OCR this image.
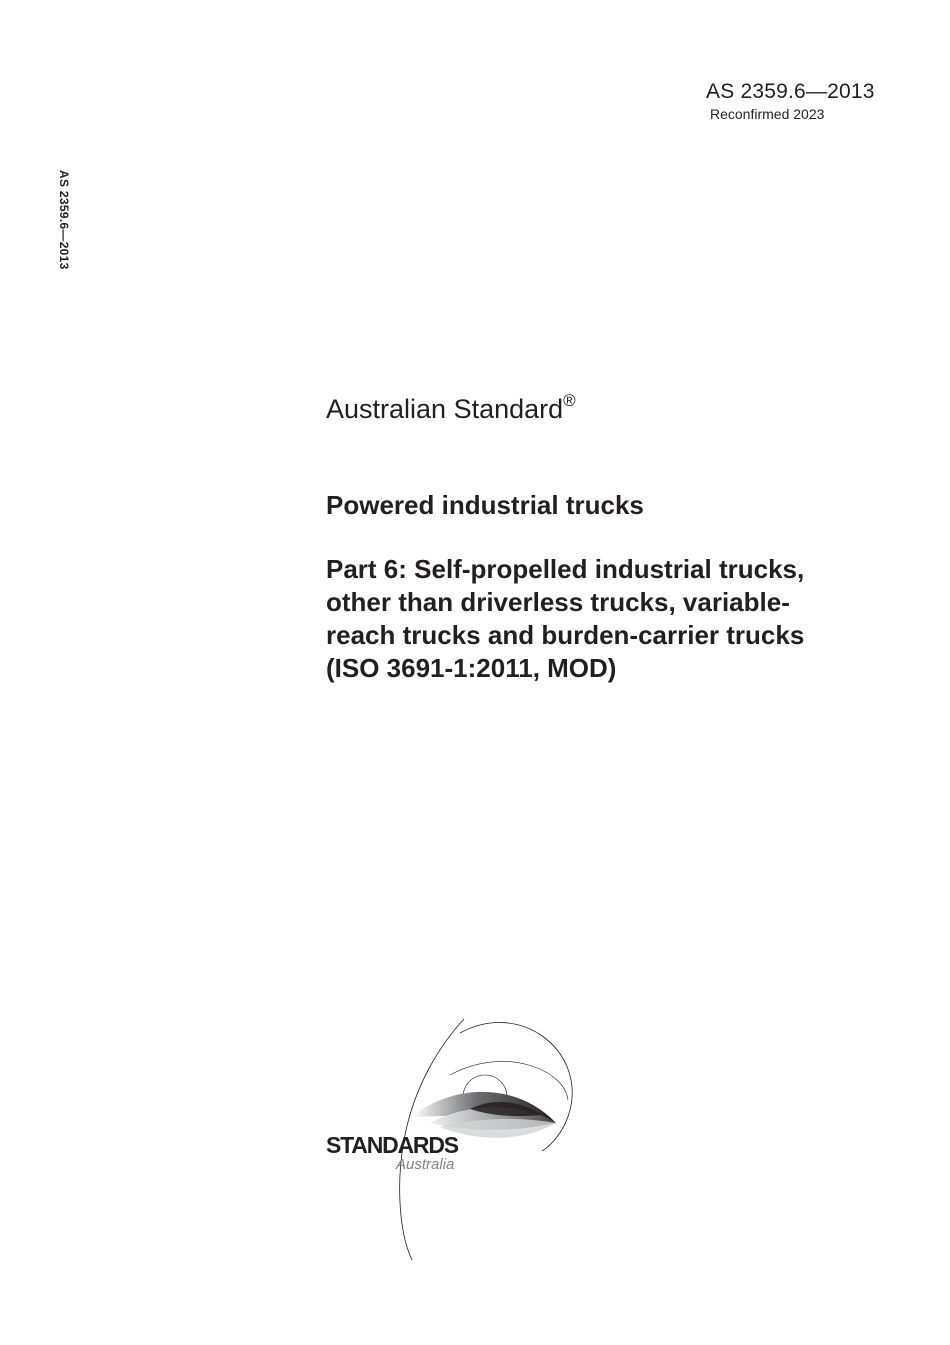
AS 2359.6—2013
Reconfirmed 2023
AS 2359.6—2013
Australian Standard®
Powered industrial trucks
Part 6: Self-propelled industrial trucks,
other than driverless trucks, variable-
reach trucks and burden-carrier trucks
(ISO 3691-1:2011, MOD)
STANDARDS
Australia
